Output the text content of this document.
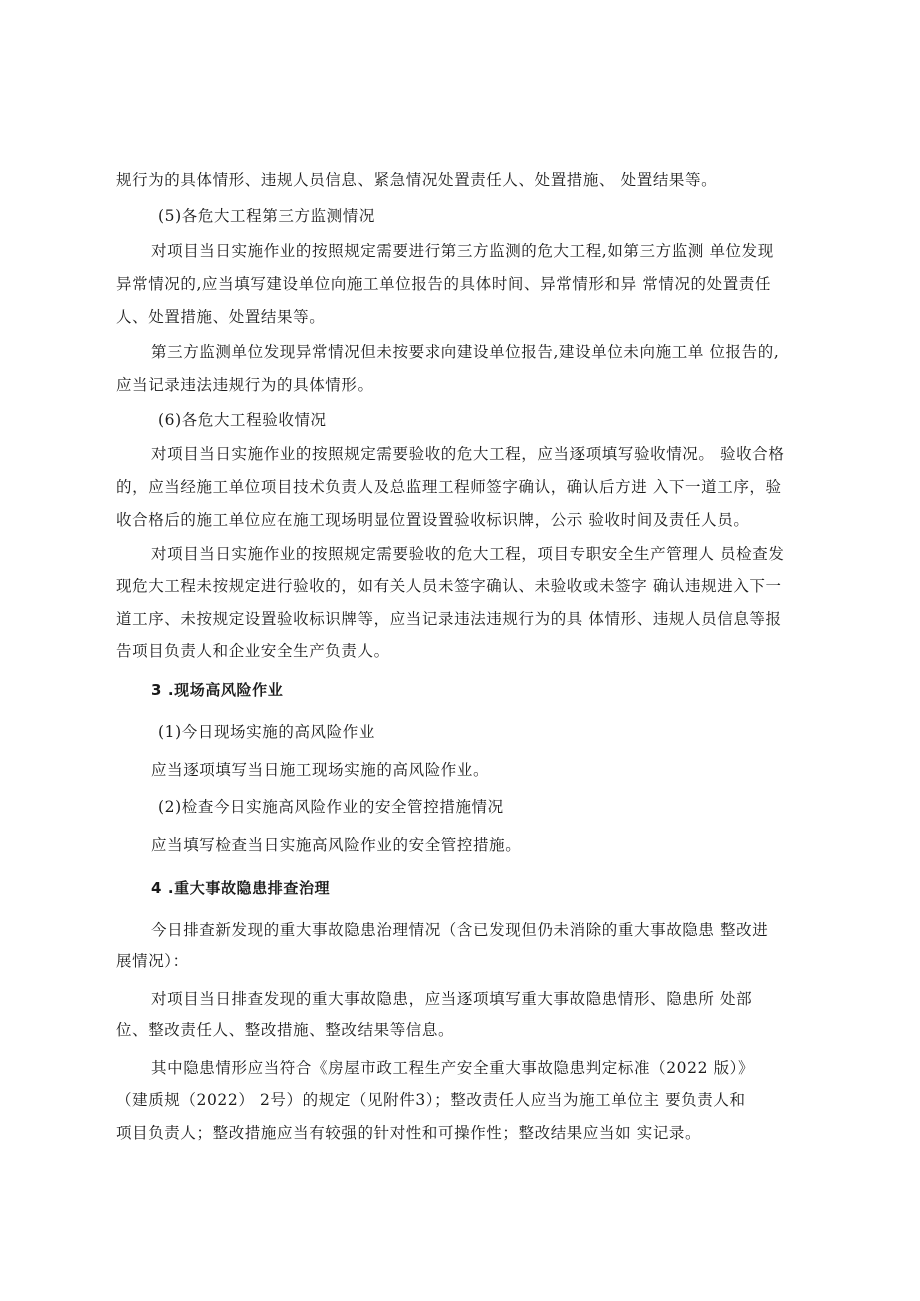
规行为的具体情形、违规人员信息、紧急情况处置责任人、处置措施、 处置结果等。
(5)各危大工程第三方监测情况
对项目当日实施作业的按照规定需要进行第三方监测的危大工程,如第三方监测 单位发现
异常情况的,应当填写建设单位向施工单位报告的具体时间、异常情形和异 常情况的处置责任
人、处置措施、处置结果等。
第三方监测单位发现异常情况但未按要求向建设单位报告,建设单位未向施工单 位报告的,
应当记录违法违规行为的具体情形。
(6)各危大工程验收情况
对项目当日实施作业的按照规定需要验收的危大工程，应当逐项填写验收情况。 验收合格
的，应当经施工单位项目技术负责人及总监理工程师签字确认，确认后方进 入下一道工序，验
收合格后的施工单位应在施工现场明显位置设置验收标识牌，公示 验收时间及责任人员。
对项目当日实施作业的按照规定需要验收的危大工程，项目专职安全生产管理人 员检查发
现危大工程未按规定进行验收的，如有关人员未签字确认、未验收或未签字 确认违规进入下一
道工序、未按规定设置验收标识牌等，应当记录违法违规行为的具 体情形、违规人员信息等报
告项目负责人和企业安全生产负责人。
3 .现场高风险作业
(1)今日现场实施的高风险作业
应当逐项填写当日施工现场实施的高风险作业。
(2)检查今日实施高风险作业的安全管控措施情况
应当填写检查当日实施高风险作业的安全管控措施。
4 .重大事故隐患排查治理
今日排查新发现的重大事故隐患治理情况（含已发现但仍未消除的重大事故隐患 整改进
展情况）：
对项目当日排查发现的重大事故隐患，应当逐项填写重大事故隐患情形、隐患所 处部
位、整改责任人、整改措施、整改结果等信息。
其中隐患情形应当符合《房屋市政工程生产安全重大事故隐患判定标准（2022 版）》
（建质规（2022） 2号）的规定（见附件3）；整改责任人应当为施工单位主 要负责人和
项目负责人；整改措施应当有较强的针对性和可操作性；整改结果应当如 实记录。
